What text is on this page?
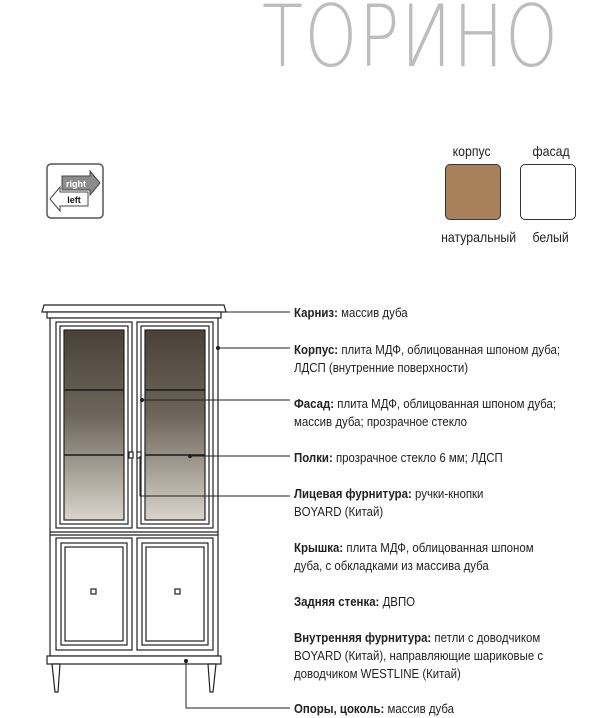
ТОРИНО
right
left
корпус	фасад
натуральный белый
Карниз: массив дуба
Корпус: плита МДФ, облицованная шпоном дуба;
ЛДСП (внутренние поверхности)
Фасад: плита МДФ, облицованная шпоном дуба;
массив дуба; прозрачное стекло
Полки: прозрачное стекло 6 мм; ЛДСП
Лицевая фурнитура: ручки-кнопки
BOYARD (Китай)
Крышка: плита МДФ, облицованная шпоном
дуба, с обкладками из массива дуба
Задняя стенка: ДВПО
Внутренняя фурнитура: петли с доводчиком
BOYARD (Китай), направляющие шариковые с
доводчиком WESTLINE (Китай)
Опоры, цоколь: массив дуба
